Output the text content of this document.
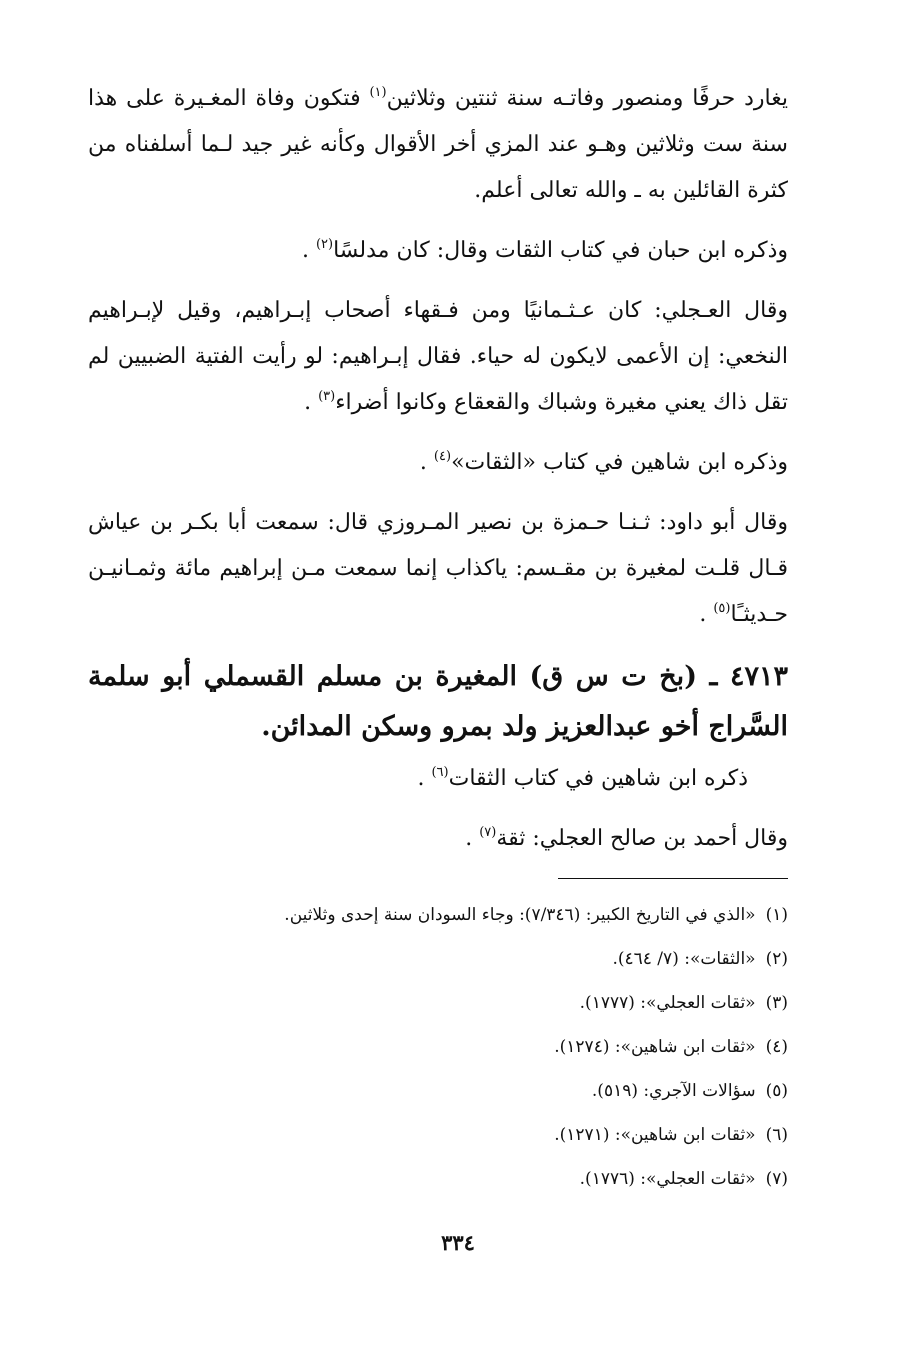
يغارد حرفًا ومنصور وفاتـه سنة ثنتين وثلاثين$^{(١)}$ فتكون وفاة المغـيرة على هذا سنة ست وثلاثين وهـو عند المزي أخر الأقوال وكأنه غير جيد لـما أسلفناه من كثرة القائلين به ـ والله تعالى أعلم.

وذكره ابن حبان في كتاب الثقات وقال: كان مدلسًا$^{(٢)}$ .

وقال العـجلي: كان عـثـمانيًا ومن فـقهاء أصحاب إبـراهيم، وقيل لإبـراهيم النخعي: إن الأعمى لايكون له حياء. فقال إبـراهيم: لو رأيت الفتية الضبيين لم تقل ذاك يعني مغيرة وشباك والقعقاع وكانوا أضراء$^{(٣)}$ .

وذكره ابن شاهين في كتاب «الثقات»$^{(٤)}$ .

وقال أبو داود: ثـنـا حـمزة بن نصير المـروزي قال: سمعت أبا بكـر بن عياش قـال قلـت لمغيرة بن مقـسم: ياكذاب إنما سمعت مـن إبراهيم مائة وثمـانيـن حـديثـًا$^{(٥)}$ .

٤٧١٣ ـ (بخ ت س ق) المغيرة بن مسلم القسملي أبو سلمة السَّراج أخو عبدالعزيز ولد بمرو وسكن المدائن.

ذكره ابن شاهين في كتاب الثقات$^{(٦)}$ .

وقال أحمد بن صالح العجلي: ثقة$^{(٧)}$ .

(١)«الذي في التاريخ الكبير: (٧/٣٤٦): وجاء السودان سنة إحدى وثلاثين.
(٢)«الثقات»: (٧/ ٤٦٤).
(٣)«ثقات العجلي»: (١٧٧٧).
(٤)«ثقات ابن شاهين»: (١٢٧٤).
(٥)سؤالات الآجري: (٥١٩).
(٦)«ثقات ابن شاهين»: (١٢٧١).
(٧)«ثقات العجلي»: (١٧٧٦).
٣٣٤
